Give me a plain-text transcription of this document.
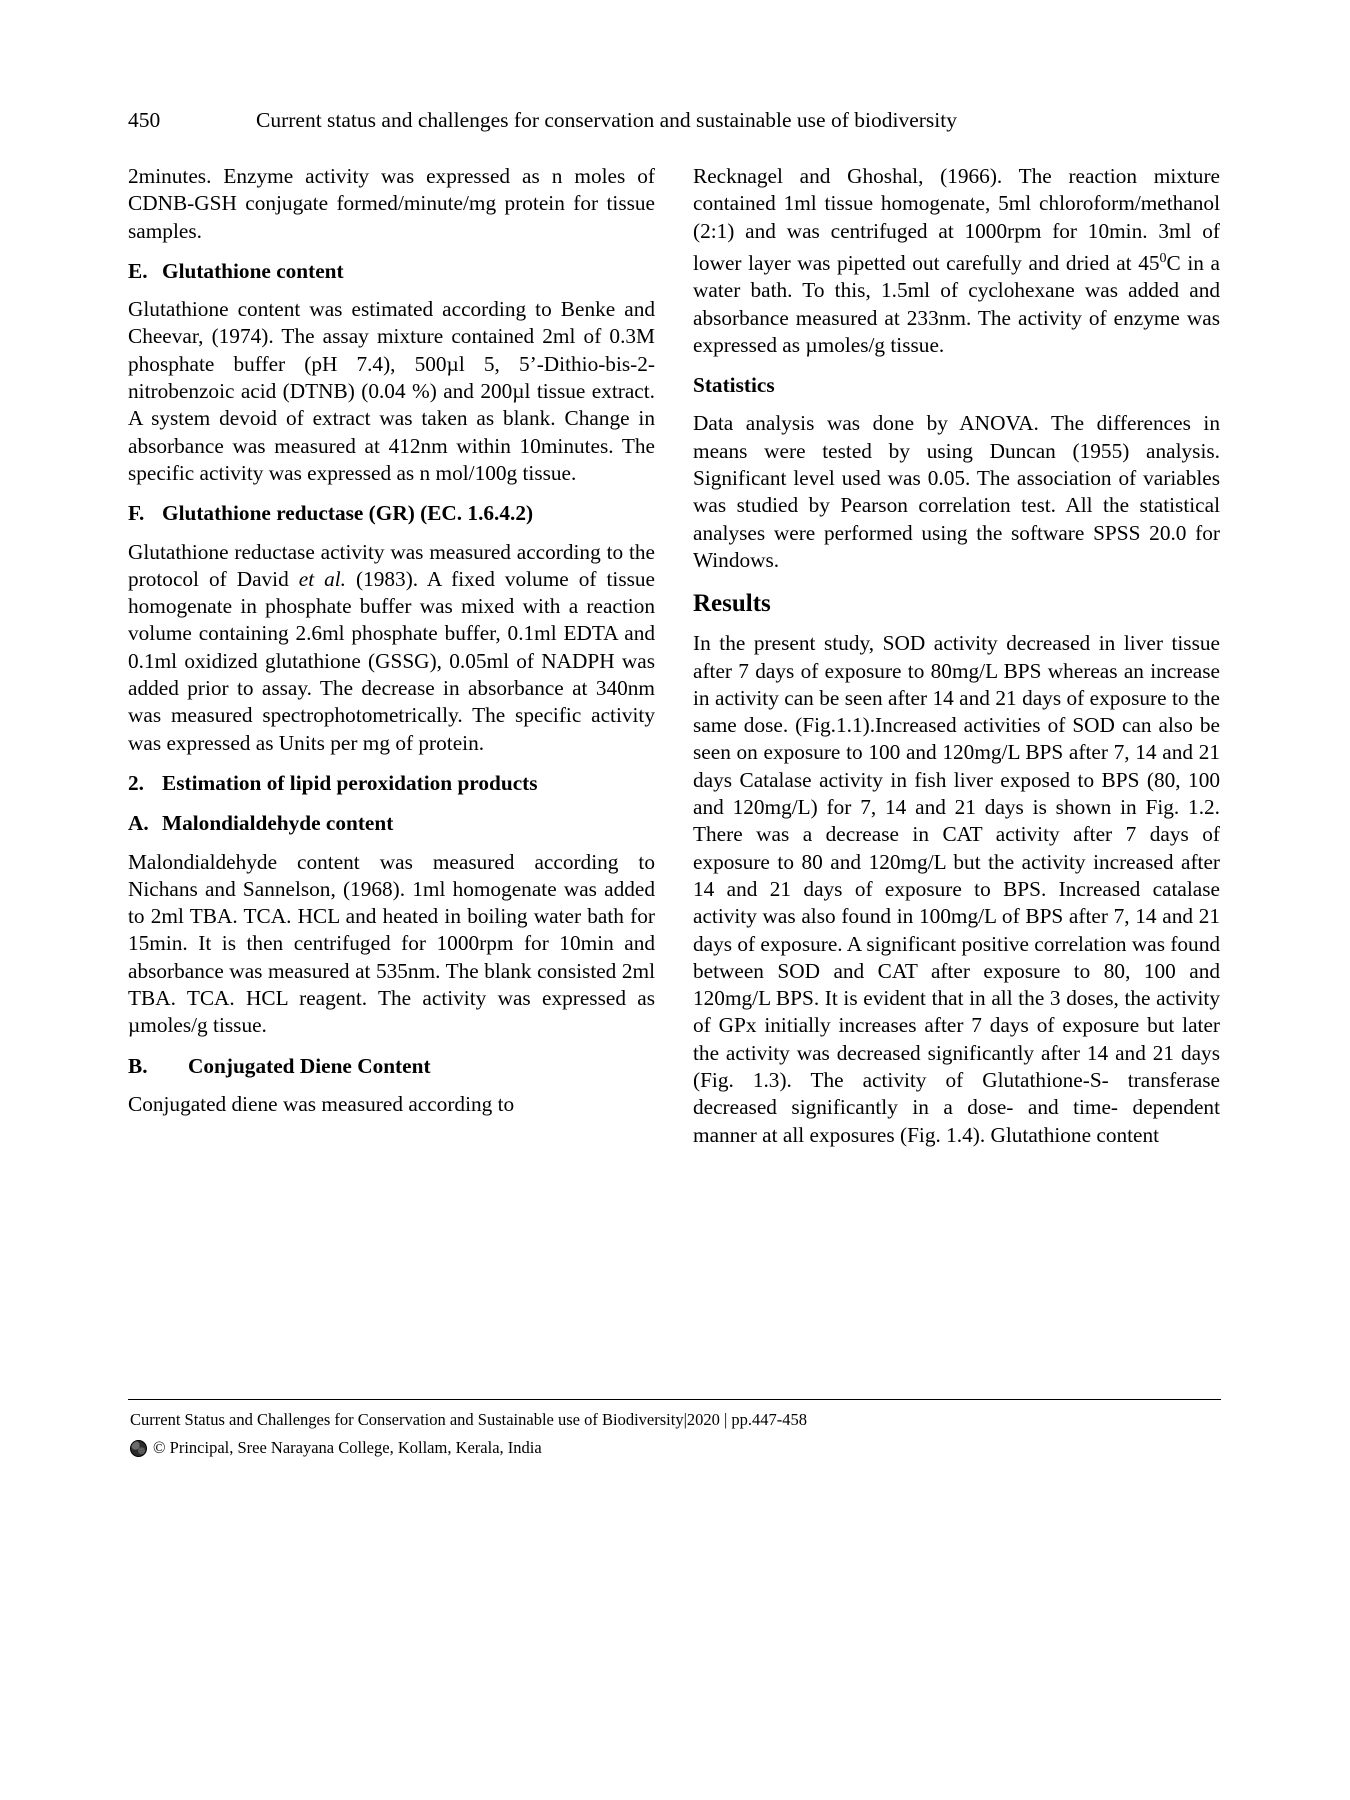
450	Current status and challenges for conservation and sustainable use of biodiversity

2minutes. Enzyme activity was expressed as n moles of CDNB-GSH conjugate formed/minute/mg protein for tissue samples.

E. Glutathione content

Glutathione content was estimated according to Benke and Cheevar, (1974). The assay mixture contained 2ml of 0.3M phosphate buffer (pH 7.4), 500µl 5, 5’-Dithio-bis-2-nitrobenzoic acid (DTNB) (0.04 %) and 200µl tissue extract. A system devoid of extract was taken as blank. Change in absorbance was measured at 412nm within 10minutes. The specific activity was expressed as n mol/100g tissue.

F. Glutathione reductase (GR) (EC. 1.6.4.2)

Glutathione reductase activity was measured according to the protocol of David et al. (1983). A fixed volume of tissue homogenate in phosphate buffer was mixed with a reaction volume containing 2.6ml phosphate buffer, 0.1ml EDTA and 0.1ml oxidized glutathione (GSSG), 0.05ml of NADPH was added prior to assay. The decrease in absorbance at 340nm was measured spectrophotometrically. The specific activity was expressed as Units per mg of protein.

2. Estimation of lipid peroxidation products
A. Malondialdehyde content

Malondialdehyde content was measured according to Nichans and Sannelson, (1968). 1ml homogenate was added to 2ml TBA. TCA. HCL and heated in boiling water bath for 15min. It is then centrifuged for 1000rpm for 10min and absorbance was measured at 535nm. The blank consisted 2ml TBA. TCA. HCL reagent. The activity was expressed as µmoles/g tissue.

B. Conjugated Diene Content

Conjugated diene was measured according to

Recknagel and Ghoshal, (1966). The reaction mixture contained 1ml tissue homogenate, 5ml chloroform/methanol (2:1) and was centrifuged at 1000rpm for 10min. 3ml of lower layer was pipetted out carefully and dried at $45^0C$ in a water bath. To this, 1.5ml of cyclohexane was added and absorbance measured at 233nm. The activity of enzyme was expressed as µmoles/g tissue.

Statistics

Data analysis was done by ANOVA. The differences in means were tested by using Duncan (1955) analysis. Significant level used was 0.05. The association of variables was studied by Pearson correlation test. All the statistical analyses were performed using the software SPSS 20.0 for Windows.

Results

In the present study, SOD activity decreased in liver tissue after 7 days of exposure to 80mg/L BPS whereas an increase in activity can be seen after 14 and 21 days of exposure to the same dose. (Fig.1.1).Increased activities of SOD can also be seen on exposure to 100 and 120mg/L BPS after 7, 14 and 21 days Catalase activity in fish liver exposed to BPS (80, 100 and 120mg/L) for 7, 14 and 21 days is shown in Fig. 1.2. There was a decrease in CAT activity after 7 days of exposure to 80 and 120mg/L but the activity increased after 14 and 21 days of exposure to BPS. Increased catalase activity was also found in 100mg/L of BPS after 7, 14 and 21 days of exposure. A significant positive correlation was found between SOD and CAT after exposure to 80, 100 and 120mg/L BPS. It is evident that in all the 3 doses, the activity of GPx initially increases after 7 days of exposure but later the activity was decreased significantly after 14 and 21 days (Fig. 1.3). The activity of Glutathione-S- transferase decreased significantly in a dose- and time- dependent manner at all exposures (Fig. 1.4). Glutathione content

Current Status and Challenges for Conservation and Sustainable use of Biodiversity|2020 | pp.447-458
© Principal, Sree Narayana College, Kollam, Kerala, India
